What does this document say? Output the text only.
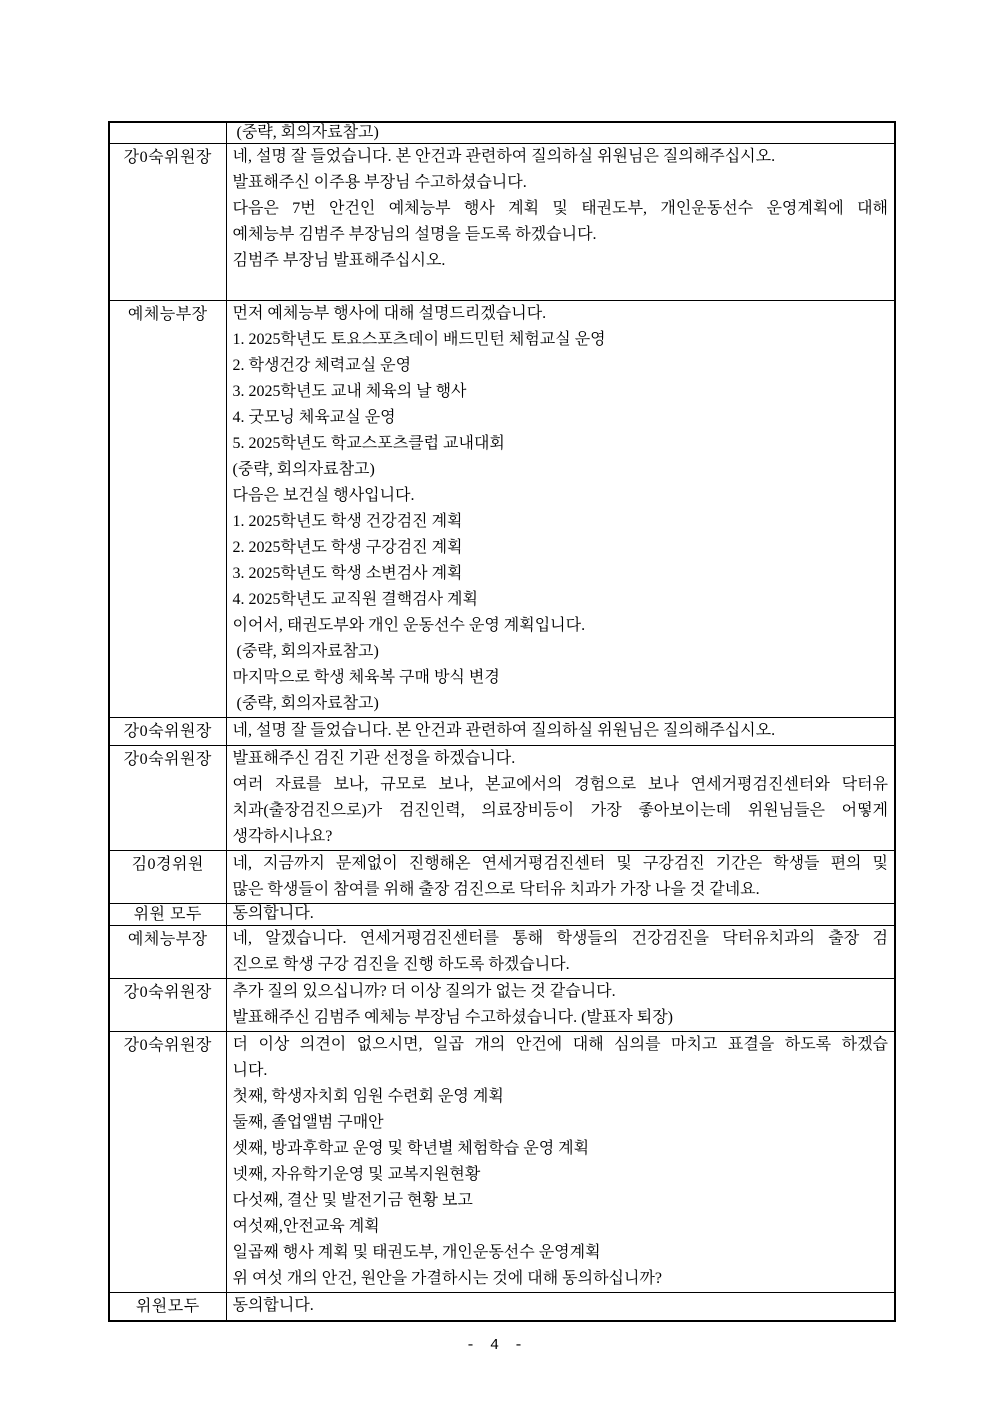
	(중략, 회의자료참고)

강0숙위원장	네, 설명 잘 들었습니다. 본 안건과 관련하여 질의하실 위원님은 질의해주십시오.
발표해주신 이주용 부장님 수고하셨습니다.
다음은 7번 안건인 예체능부 행사 계획 및 태권도부, 개인운동선수 운영계획에 대해
예체능부 김범주 부장님의 설명을 듣도록 하겠습니다.
김범주 부장님 발표해주십시오.

예체능부장	먼저 예체능부 행사에 대해 설명드리겠습니다.
1. 2025학년도 토요스포츠데이 배드민턴 체험교실 운영
2. 학생건강 체력교실 운영
3. 2025학년도 교내 체육의 날 행사
4. 굿모닝 체육교실 운영
5. 2025학년도 학교스포츠클럽 교내대회
(중략, 회의자료참고)
다음은 보건실 행사입니다.
1. 2025학년도 학생 건강검진 계획
2. 2025학년도 학생 구강검진 계획
3. 2025학년도 학생 소변검사 계획
4. 2025학년도 교직원 결핵검사 계획
이어서, 태권도부와 개인 운동선수 운영 계획입니다.
(중략, 회의자료참고)
마지막으로 학생 체육복 구매 방식 변경
(중략, 회의자료참고)

강0숙위원장	네, 설명 잘 들었습니다. 본 안건과 관련하여 질의하실 위원님은 질의해주십시오.

강0숙위원장	발표해주신 검진 기관 선정을 하겠습니다.
여러 자료를 보나, 규모로 보나, 본교에서의 경험으로 보나 연세거평검진센터와 닥터유
치과(출장검진으로)가 검진인력, 의료장비등이 가장 좋아보이는데 위원님들은 어떻게
생각하시나요?

김0경위원	네, 지금까지 문제없이 진행해온 연세거평검진센터 및 구강검진 기간은 학생들 편의 및
많은 학생들이 참여를 위해 출장 검진으로 닥터유 치과가 가장 나을 것 같네요.

위원 모두	동의합니다.

예체능부장	네, 알겠습니다. 연세거평검진센터를 통해 학생들의 건강검진을 닥터유치과의 출장 검
진으로 학생 구강 검진을 진행 하도록 하겠습니다.

강0숙위원장	추가 질의 있으십니까? 더 이상 질의가 없는 것 같습니다.
발표해주신 김범주 예체능 부장님 수고하셨습니다. (발표자 퇴장)

강0숙위원장	더 이상 의견이 없으시면, 일곱 개의 안건에 대해 심의를 마치고 표결을 하도록 하겠습
니다.
첫째, 학생자치회 임원 수련회 운영 계획
둘째, 졸업앨범 구매안
셋째, 방과후학교 운영 및 학년별 체험학습 운영 계획
넷째, 자유학기운영 및 교복지원현황
다섯째, 결산 및 발전기금 현황 보고
여섯째,안전교육 계획
일곱째 행사 계획 및 태권도부, 개인운동선수 운영계획
위 여섯 개의 안건, 원안을 가결하시는 것에 대해 동의하십니까?

위원모두	동의합니다.
- 4 -
